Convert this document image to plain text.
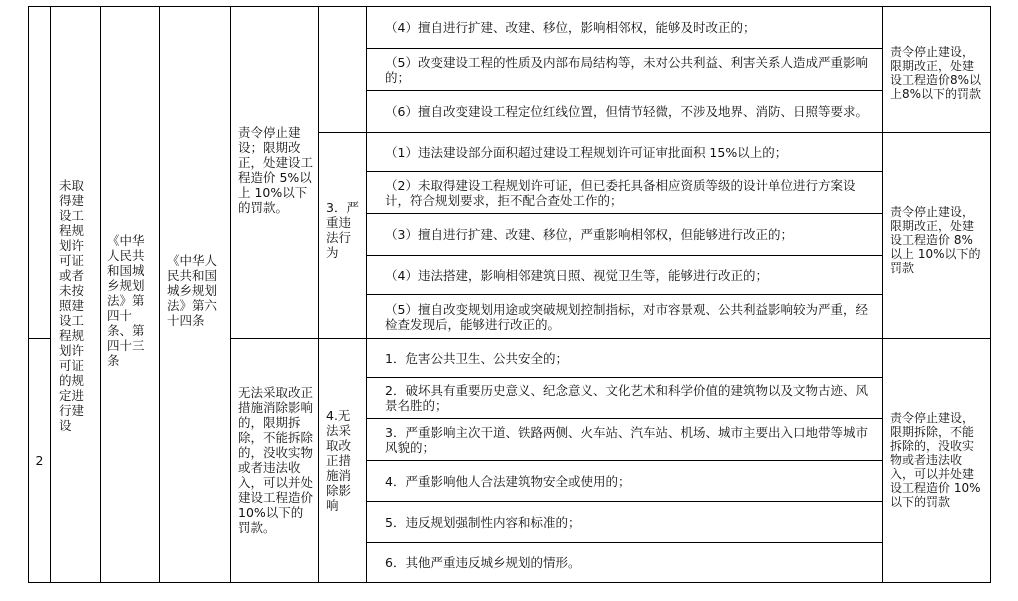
2
未取得建设工程规划许可证或者未按照建设工程规划许可证的规定进行建设
《中华人民共和国城乡规划法》第四十条、第四十三条
《中华人民共和国城乡规划法》第六十四条
责令停止建设；限期改正，处建设工程造价 5%以上 10%以下的罚款。
无法采取改正措施消除影响的，限期拆除，不能拆除的，没收实物或者违法收入，可以并处建设工程造价 10%以下的罚款。
3．严重违法行为
4.无法采取改正措施消除影响
（4）擅自进行扩建、改建、移位，影响相邻权，能够及时改正的；
（5）改变建设工程的性质及内部布局结构等，未对公共利益、利害关系人造成严重影响的；
（6）擅自改变建设工程定位红线位置，但情节轻微，不涉及地界、消防、日照等要求。
（1）违法建设部分面积超过建设工程规划许可证审批面积 15%以上的；
（2）未取得建设工程规划许可证，但已委托具备相应资质等级的设计单位进行方案设计，符合规划要求，拒不配合查处工作的；
（3）擅自进行扩建、改建、移位，严重影响相邻权，但能够进行改正的；
（4）违法搭建，影响相邻建筑日照、视觉卫生等，能够进行改正的；
（5）擅自改变规划用途或突破规划控制指标，对市容景观、公共利益影响较为严重，经检查发现后，能够进行改正的。
1．危害公共卫生、公共安全的；
2．破坏具有重要历史意义、纪念意义、文化艺术和科学价值的建筑物以及文物古迹、风景名胜的；
3．严重影响主次干道、铁路两侧、火车站、汽车站、机场、城市主要出入口地带等城市风貌的；
4．严重影响他人合法建筑物安全或使用的；
5．违反规划强制性内容和标准的；
6．其他严重违反城乡规划的情形。
责令停止建设，限期改正，处建设工程造价8%以上8%以下的罚款
责令停止建设，限期改正，处建设工程造价 8%以上 10%以下的罚款
责令停止建设，限期拆除，不能拆除的，没收实物或者违法收入，可以并处建设工程造价 10%以下的罚款
